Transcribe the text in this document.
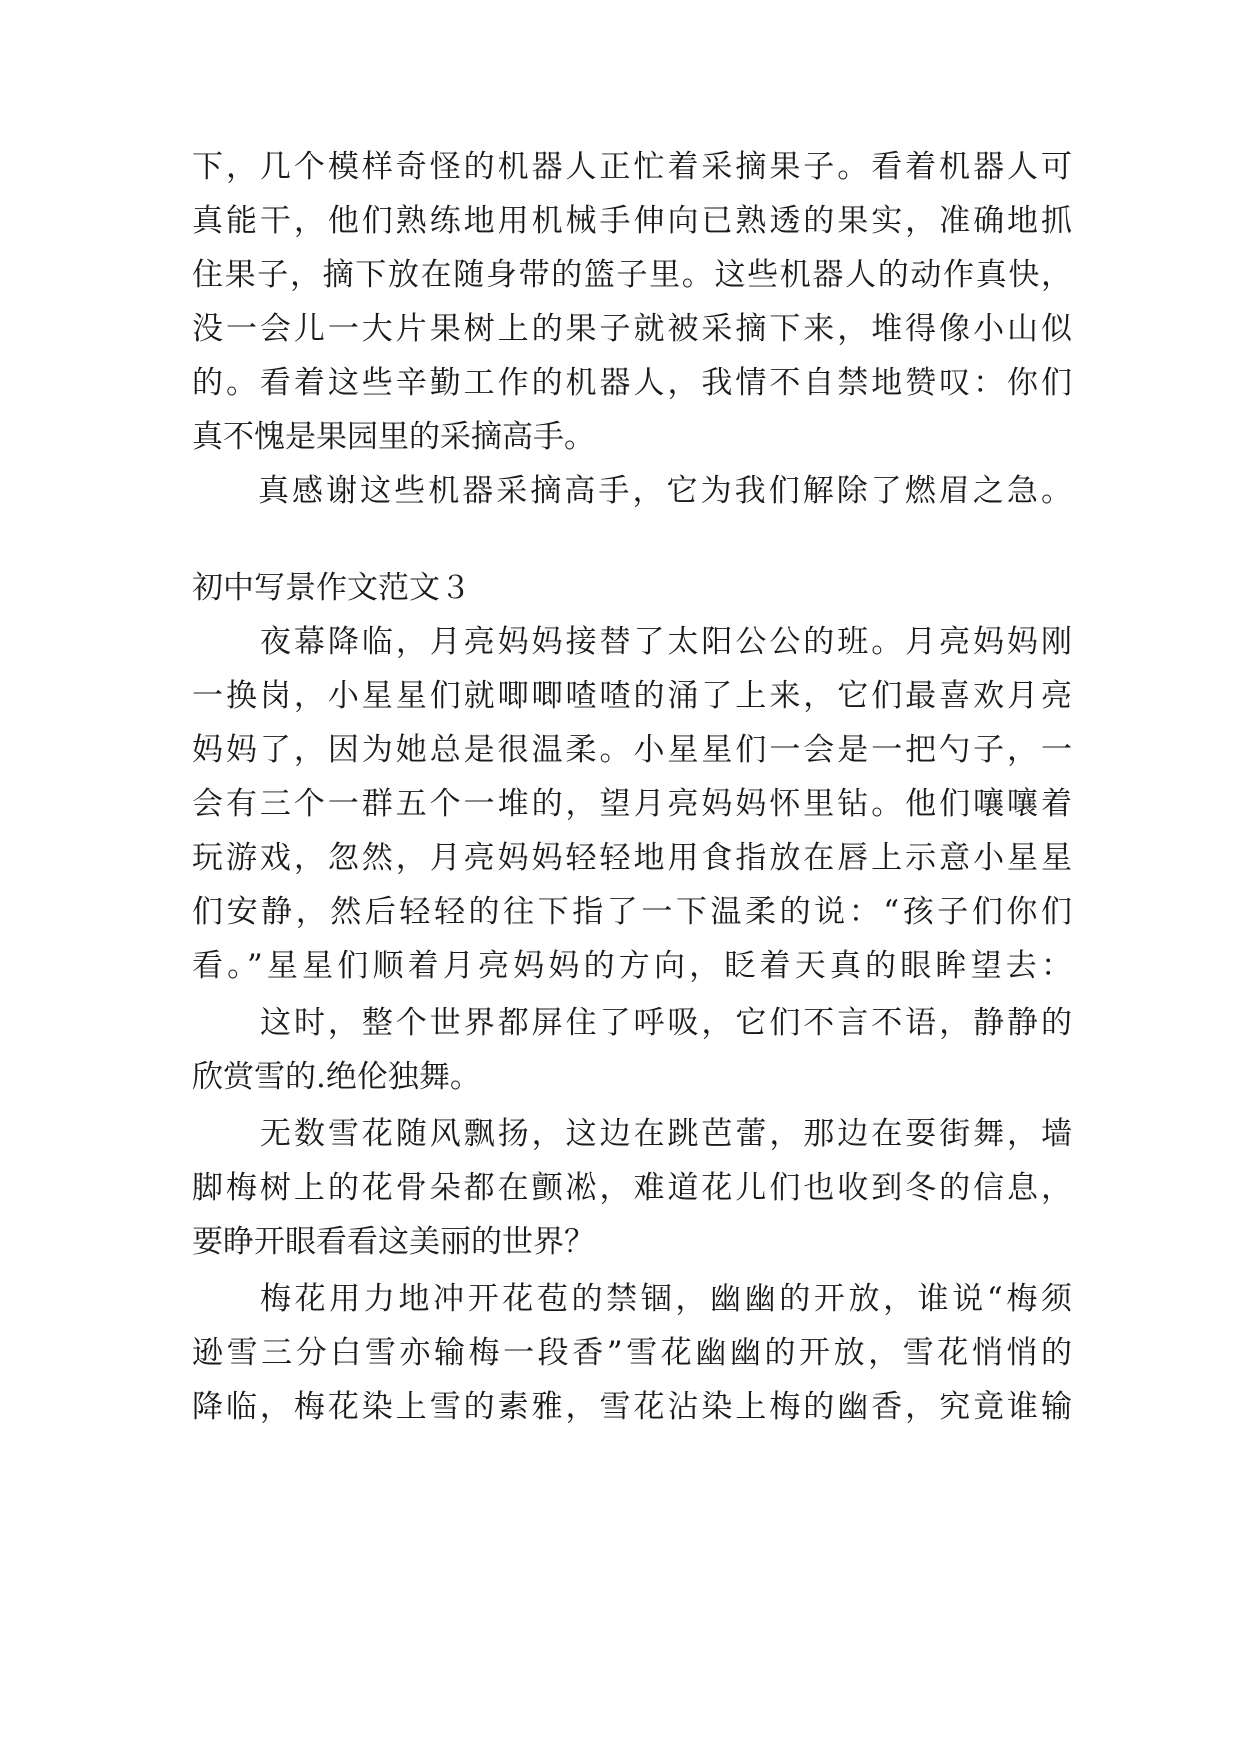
下，几个模样奇怪的机器人正忙着采摘果子。看着机器人可
真能干，他们熟练地用机械手伸向已熟透的果实，准确地抓
住果子，摘下放在随身带的篮子里。这些机器人的动作真快，
没一会儿一大片果树上的果子就被采摘下来，堆得像小山似
的。看着这些辛勤工作的机器人，我情不自禁地赞叹：你们
真不愧是果园里的采摘高手。
真感谢这些机器采摘高手，它为我们解除了燃眉之急。
初中写景作文范文３
夜幕降临，月亮妈妈接替了太阳公公的班。月亮妈妈刚
一换岗，小星星们就唧唧喳喳的涌了上来，它们最喜欢月亮
妈妈了，因为她总是很温柔。小星星们一会是一把勺子，一
会有三个一群五个一堆的，望月亮妈妈怀里钻。他们嚷嚷着
玩游戏，忽然，月亮妈妈轻轻地用食指放在唇上示意小星星
们安静，然后轻轻的往下指了一下温柔的说：“孩子们你们
看。”星星们顺着月亮妈妈的方向，眨着天真的眼眸望去：
这时，整个世界都屏住了呼吸，它们不言不语，静静的
欣赏雪的.绝伦独舞。
无数雪花随风飘扬，这边在跳芭蕾，那边在耍街舞，墙
脚梅树上的花骨朵都在颤凇，难道花儿们也收到冬的信息，
要睁开眼看看这美丽的世界？
梅花用力地冲开花苞的禁锢，幽幽的开放，谁说“梅须
逊雪三分白雪亦输梅一段香”雪花幽幽的开放，雪花悄悄的
降临，梅花染上雪的素雅，雪花沾染上梅的幽香，究竟谁输
